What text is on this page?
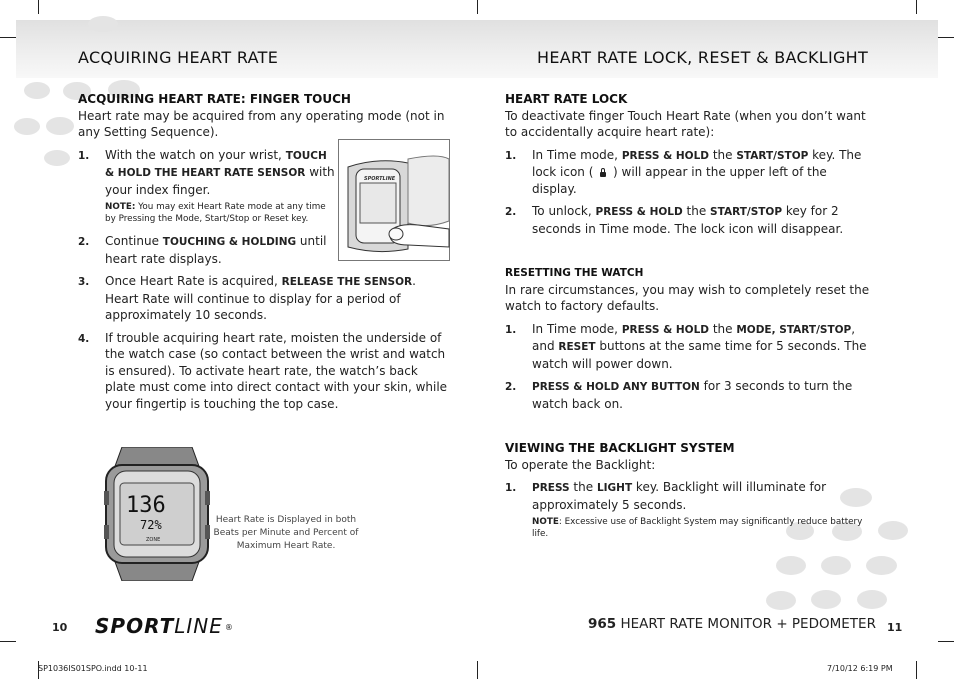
ACQUIRING HEART RATE	HEART RATE LOCK, RESET & BACKLIGHT
ACQUIRING HEART RATE: FINGER TOUCH

Heart rate may be acquired from any operating mode (not in any Setting Sequence).

1. With the watch on your wrist, TOUCH & HOLD THE HEART RATE SENSOR with your index finger.
NOTE: You may exit Heart Rate mode at any time by Pressing the Mode, Start/Stop or Reset key.
2. Continue TOUCHING & HOLDING until heart rate displays.
3. Once Heart Rate is acquired, RELEASE THE SENSOR. Heart Rate will continue to display for a period of approximately 10 seconds.
4. If trouble acquiring heart rate, moisten the underside of the watch case (so contact between the wrist and watch is ensured). To activate heart rate, the watch’s back plate must come into direct contact with your skin, while your fingertip is touching the top case.
SPORTLINE
136
72%
ZONE
Heart Rate is Displayed in both Beats per Minute and Percent of Maximum Heart Rate.
HEART RATE LOCK

To deactivate finger Touch Heart Rate (when you don’t want to accidentally acquire heart rate):

1. In Time mode, PRESS & HOLD the START/STOP key. The lock icon (  ) will appear in the upper left of the display.
2. To unlock, PRESS & HOLD the START/STOP key for 2 seconds in Time mode. The lock icon will disappear.
RESETTING THE WATCH

In rare circumstances, you may wish to completely reset the watch to factory defaults.

1. In Time mode, PRESS & HOLD the MODE, START/STOP, and RESET buttons at the same time for 5 seconds. The watch will power down.
2. PRESS & HOLD ANY BUTTON for 3 seconds to turn the watch back on.
VIEWING THE BACKLIGHT SYSTEM

To operate the Backlight:

1. PRESS the LIGHT key. Backlight will illuminate for approximately 5 seconds.
NOTE: Excessive use of Backlight System may significantly reduce battery life.
10 SPORTLINE ®	965 HEART RATE MONITOR + PEDOMETER 11
SP1036IS01SPO.indd 10-11	7/10/12 6:19 PM
